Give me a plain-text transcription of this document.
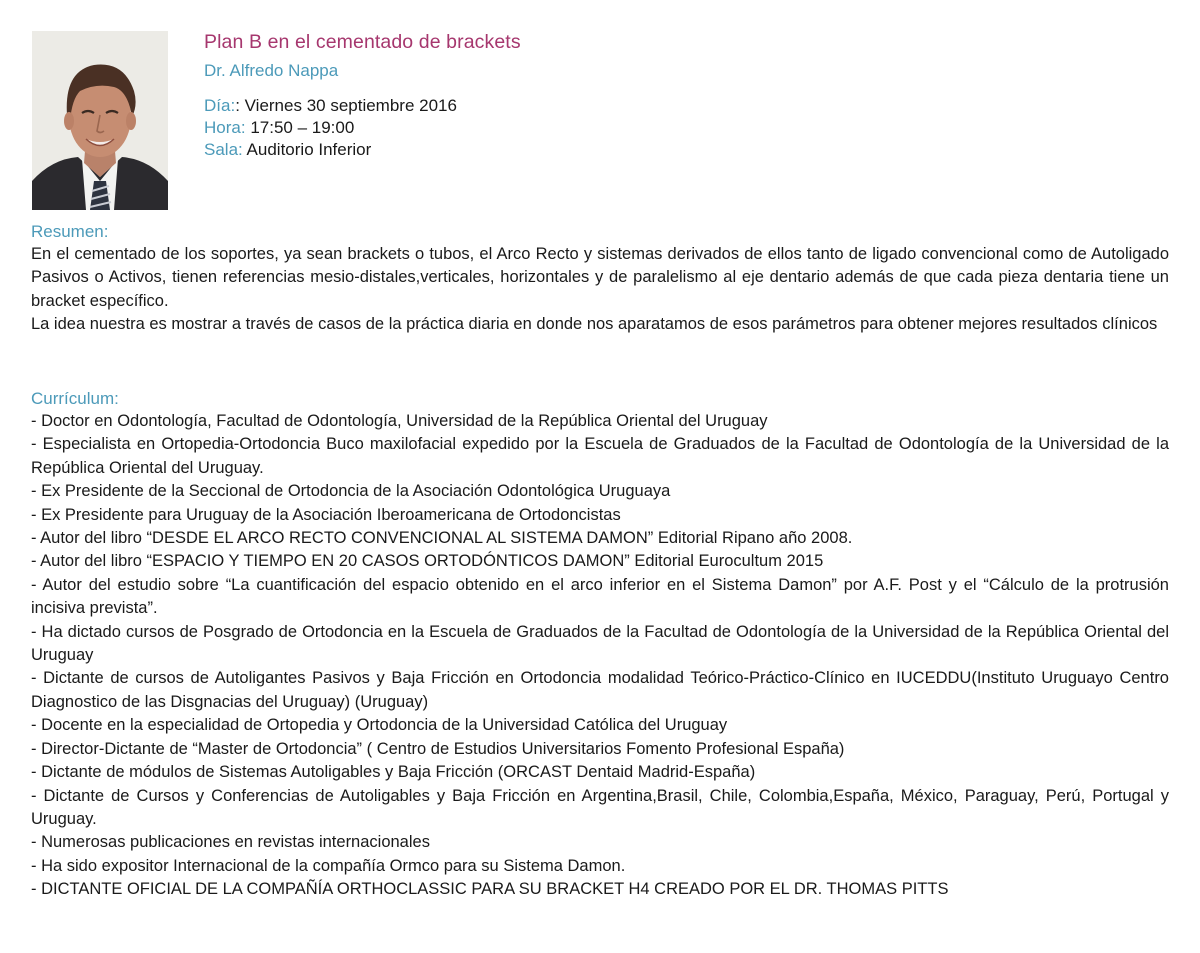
Plan B en el cementado de brackets
Dr. Alfredo Nappa
Día:: Viernes 30 septiembre 2016
Hora: 17:50 – 19:00
Sala: Auditorio Inferior
Resumen:

En el cementado de los soportes, ya sean brackets o tubos, el Arco Recto y sistemas derivados de ellos tanto de ligado convencional como de Autoligado Pasivos o Activos, tienen referencias mesio-distales,verticales, horizontales y de paralelismo al eje dentario además de que cada pieza dentaria tiene un bracket específico.

La idea nuestra es mostrar a través de casos de la práctica diaria en donde nos aparatamos de esos parámetros para obtener mejores resultados clínicos

Currículum:

- Doctor en Odontología, Facultad de Odontología, Universidad de la República Oriental del Uruguay

- Especialista en Ortopedia-Ortodoncia Buco maxilofacial expedido por la Escuela de Graduados de la Facultad de Odontología de la Universidad de la República Oriental del Uruguay.

- Ex Presidente de la Seccional de Ortodoncia de la Asociación Odontológica Uruguaya

- Ex Presidente para Uruguay de la Asociación Iberoamericana de Ortodoncistas

- Autor del libro “DESDE EL ARCO RECTO CONVENCIONAL AL SISTEMA DAMON” Editorial Ripano año 2008.

- Autor del libro “ESPACIO Y TIEMPO EN 20 CASOS ORTODÓNTICOS DAMON” Editorial Eurocultum 2015

- Autor del estudio sobre “La cuantificación del espacio obtenido en el arco inferior en el Sistema Damon” por A.F. Post y el “Cálculo de la protrusión incisiva prevista”.

- Ha dictado cursos de Posgrado de Ortodoncia en la Escuela de Graduados de la Facultad de Odontología de la Universidad de la República Oriental del Uruguay

- Dictante de cursos de Autoligantes Pasivos y Baja Fricción en Ortodoncia modalidad Teórico-Práctico-Clínico en IUCEDDU(Instituto Uruguayo Centro Diagnostico de las Disgnacias del Uruguay) (Uruguay)

- Docente en la especialidad de Ortopedia y Ortodoncia de la Universidad Católica del Uruguay

- Director-Dictante de “Master de Ortodoncia” ( Centro de Estudios Universitarios Fomento Profesional España)

- Dictante de módulos de Sistemas Autoligables y Baja Fricción (ORCAST Dentaid Madrid-España)

- Dictante de Cursos y Conferencias de Autoligables y Baja Fricción en Argentina,Brasil, Chile, Colombia,España, México, Paraguay, Perú, Portugal y Uruguay.

- Numerosas publicaciones en revistas internacionales

- Ha sido expositor Internacional de la compañía Ormco para su Sistema Damon.

- DICTANTE OFICIAL DE LA COMPAÑÍA ORTHOCLASSIC PARA SU BRACKET H4 CREADO POR EL DR. THOMAS PITTS
